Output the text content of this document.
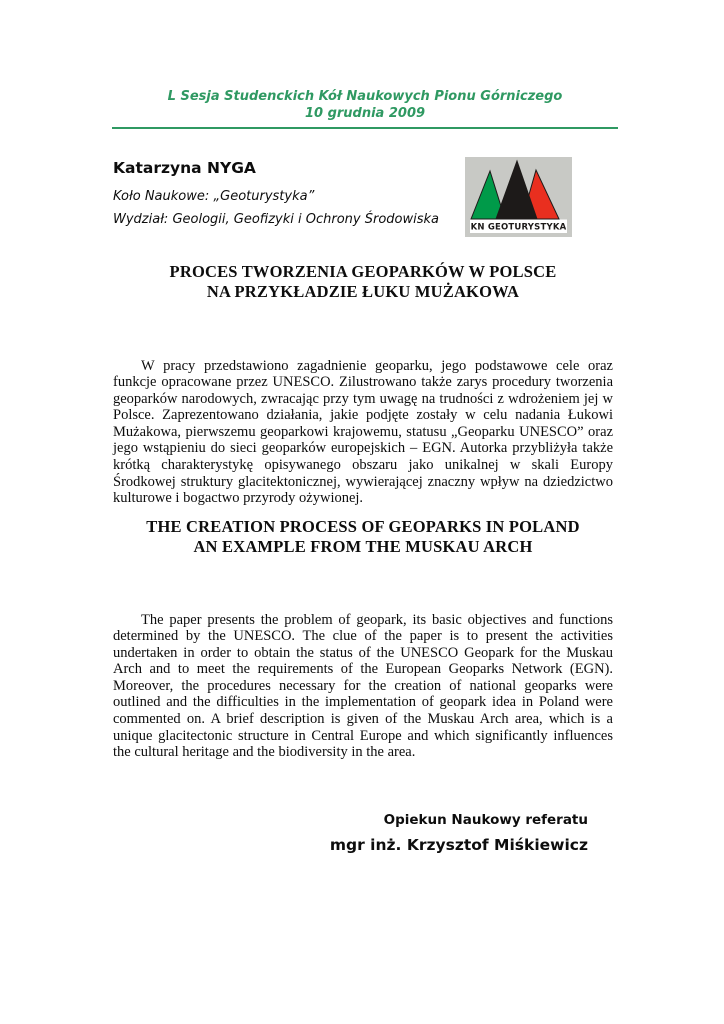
L Sesja Studenckich Kół Naukowych Pionu Górniczego
10 grudnia 2009
Katarzyna NYGA
Koło Naukowe: „Geoturystyka”
Wydział: Geologii, Geofizyki i Ochrony Środowiska
KN GEOTURYSTYKA
PROCES TWORZENIA GEOPARKÓW W POLSCE
NA PRZYKŁADZIE ŁUKU MUŻAKOWA

W pracy przedstawiono zagadnienie geoparku, jego podstawowe cele oraz funkcje opracowane przez UNESCO. Zilustrowano także zarys procedury tworzenia geoparków narodowych, zwracając przy tym uwagę na trudności z wdrożeniem jej w Polsce. Zaprezentowano działania, jakie podjęte zostały w celu nadania Łukowi Mużakowa, pierwszemu geoparkowi krajowemu, statusu „Geoparku UNESCO” oraz jego wstąpieniu do sieci geoparków europejskich – EGN. Autorka przybliżyła także krótką charakterystykę opisywanego obszaru jako unikalnej w skali Europy Środkowej struktury glacitektonicznej, wywierającej znaczny wpływ na dziedzictwo kulturowe i bogactwo przyrody ożywionej.

THE CREATION PROCESS OF GEOPARKS IN POLAND
AN EXAMPLE FROM THE MUSKAU ARCH

The paper presents the problem of geopark, its basic objectives and functions determined by the UNESCO. The clue of the paper is to present the activities undertaken in order to obtain the status of the UNESCO Geopark for the Muskau Arch and to meet the requirements of the European Geoparks Network (EGN). Moreover, the procedures necessary for the creation of national geoparks were outlined and the difficulties in the implementation of geopark idea in Poland were commented on. A brief description is given of the Muskau Arch area, which is a unique glacitectonic structure in Central Europe and which significantly influences the cultural heritage and the biodiversity in the area.

Opiekun Naukowy referatu
mgr inż. Krzysztof Miśkiewicz
